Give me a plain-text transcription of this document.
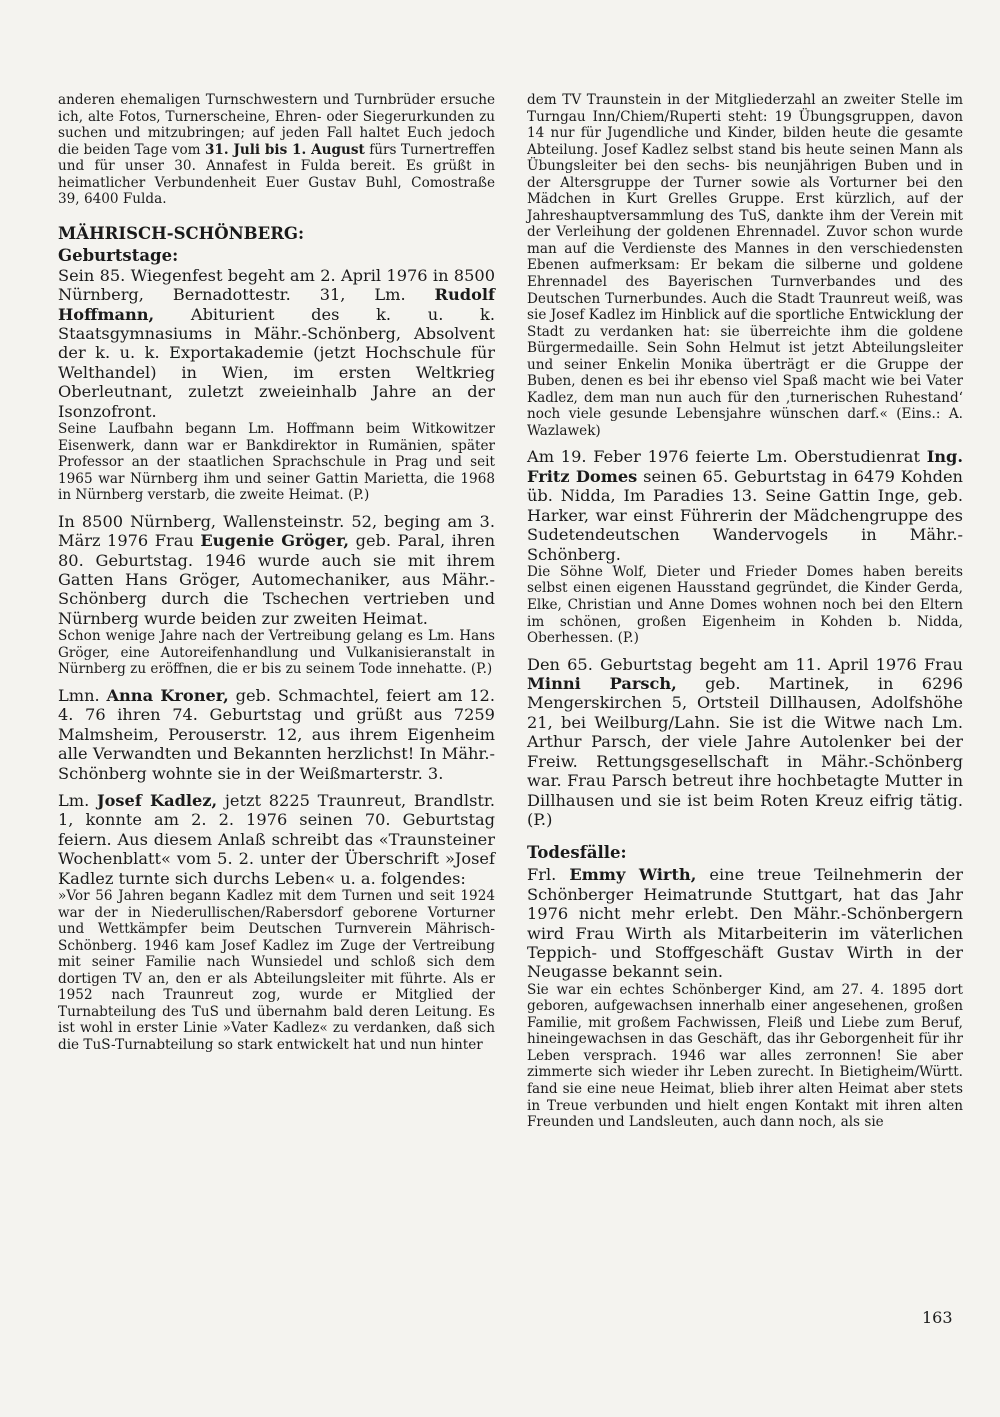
anderen ehemaligen Turnschwestern und Turnbrüder ersuche ich, alte Fotos, Turnerscheine, Ehren- oder Siegerurkunden zu suchen und mitzubringen; auf jeden Fall haltet Euch jedoch die beiden Tage vom 31. Juli bis 1. August fürs Turnertreffen und für unser 30. Annafest in Fulda bereit. Es grüßt in heimatlicher Verbundenheit Euer Gustav Buhl, Comostraße 39, 6400 Fulda.

MÄHRISCH-SCHÖNBERG:
Geburtstage:

Sein 85. Wiegenfest begeht am 2. April 1976 in 8500 Nürnberg, Bernadottestr. 31, Lm. Rudolf Hoffmann, Abiturient des k. u. k. Staatsgymnasiums in Mähr.-Schönberg, Absolvent der k. u. k. Exportakademie (jetzt Hochschule für Welthandel) in Wien, im ersten Weltkrieg Oberleutnant, zuletzt zweieinhalb Jahre an der Isonzofront.

Seine Laufbahn begann Lm. Hoffmann beim Witkowitzer Eisenwerk, dann war er Bankdirektor in Rumänien, später Professor an der staatlichen Sprachschule in Prag und seit 1965 war Nürnberg ihm und seiner Gattin Marietta, die 1968 in Nürnberg verstarb, die zweite Heimat. (P.)

In 8500 Nürnberg, Wallensteinstr. 52, beging am 3. März 1976 Frau Eugenie Gröger, geb. Paral, ihren 80. Geburtstag. 1946 wurde auch sie mit ihrem Gatten Hans Gröger, Automechaniker, aus Mähr.-Schönberg durch die Tschechen vertrieben und Nürnberg wurde beiden zur zweiten Heimat.

Schon wenige Jahre nach der Vertreibung gelang es Lm. Hans Gröger, eine Autoreifenhandlung und Vulkanisieranstalt in Nürnberg zu eröffnen, die er bis zu seinem Tode innehatte. (P.)

Lmn. Anna Kroner, geb. Schmachtel, feiert am 12. 4. 76 ihren 74. Geburtstag und grüßt aus 7259 Malmsheim, Perouserstr. 12, aus ihrem Eigenheim alle Verwandten und Bekannten herzlichst! In Mähr.-Schönberg wohnte sie in der Weißmarterstr. 3.

Lm. Josef Kadlez, jetzt 8225 Traunreut, Brandlstr. 1, konnte am 2. 2. 1976 seinen 70. Geburtstag feiern. Aus diesem Anlaß schreibt das «Traunsteiner Wochenblatt« vom 5. 2. unter der Überschrift »Josef Kadlez turnte sich durchs Leben« u. a. folgendes:

»Vor 56 Jahren begann Kadlez mit dem Turnen und seit 1924 war der in Niederullischen/Rabersdorf geborene Vorturner und Wettkämpfer beim Deutschen Turnverein Mährisch-Schönberg. 1946 kam Josef Kadlez im Zuge der Vertreibung mit seiner Familie nach Wunsiedel und schloß sich dem dortigen TV an, den er als Abteilungsleiter mit führte. Als er 1952 nach Traunreut zog, wurde er Mitglied der Turnabteilung des TuS und übernahm bald deren Leitung. Es ist wohl in erster Linie »Vater Kadlez« zu verdanken, daß sich die TuS-Turnabteilung so stark entwickelt hat und nun hinter

dem TV Traunstein in der Mitgliederzahl an zweiter Stelle im Turngau Inn/Chiem/Ruperti steht: 19 Übungsgruppen, davon 14 nur für Jugendliche und Kinder, bilden heute die gesamte Abteilung. Josef Kadlez selbst stand bis heute seinen Mann als Übungsleiter bei den sechs- bis neunjährigen Buben und in der Altersgruppe der Turner sowie als Vorturner bei den Mädchen in Kurt Grelles Gruppe. Erst kürzlich, auf der Jahreshauptversammlung des TuS, dankte ihm der Verein mit der Verleihung der goldenen Ehrennadel. Zuvor schon wurde man auf die Verdienste des Mannes in den verschiedensten Ebenen aufmerksam: Er bekam die silberne und goldene Ehrennadel des Bayerischen Turnverbandes und des Deutschen Turnerbundes. Auch die Stadt Traunreut weiß, was sie Josef Kadlez im Hinblick auf die sportliche Entwicklung der Stadt zu verdanken hat: sie überreichte ihm die goldene Bürgermedaille. Sein Sohn Helmut ist jetzt Abteilungsleiter und seiner Enkelin Monika überträgt er die Gruppe der Buben, denen es bei ihr ebenso viel Spaß macht wie bei Vater Kadlez, dem man nun auch für den ‚turnerischen Ruhestand‘ noch viele gesunde Lebensjahre wünschen darf.« (Eins.: A. Wazlawek)

Am 19. Feber 1976 feierte Lm. Oberstudienrat Ing. Fritz Domes seinen 65. Geburtstag in 6479 Kohden üb. Nidda, Im Paradies 13. Seine Gattin Inge, geb. Harker, war einst Führerin der Mädchengruppe des Sudetendeutschen Wandervogels in Mähr.-Schönberg.

Die Söhne Wolf, Dieter und Frieder Domes haben bereits selbst einen eigenen Hausstand gegründet, die Kinder Gerda, Elke, Christian und Anne Domes wohnen noch bei den Eltern im schönen, großen Eigenheim in Kohden b. Nidda, Oberhessen. (P.)

Den 65. Geburtstag begeht am 11. April 1976 Frau Minni Parsch, geb. Martinek, in 6296 Mengerskirchen 5, Ortsteil Dillhausen, Adolfshöhe 21, bei Weilburg/Lahn. Sie ist die Witwe nach Lm. Arthur Parsch, der viele Jahre Autolenker bei der Freiw. Rettungsgesellschaft in Mähr.-Schönberg war. Frau Parsch betreut ihre hochbetagte Mutter in Dillhausen und sie ist beim Roten Kreuz eifrig tätig. (P.)

Todesfälle:

Frl. Emmy Wirth, eine treue Teilnehmerin der Schönberger Heimatrunde Stuttgart, hat das Jahr 1976 nicht mehr erlebt. Den Mähr.-Schönbergern wird Frau Wirth als Mitarbeiterin im väterlichen Teppich- und Stoffgeschäft Gustav Wirth in der Neugasse bekannt sein.

Sie war ein echtes Schönberger Kind, am 27. 4. 1895 dort geboren, aufgewachsen innerhalb einer angesehenen, großen Familie, mit großem Fachwissen, Fleiß und Liebe zum Beruf, hineingewachsen in das Geschäft, das ihr Geborgenheit für ihr Leben versprach. 1946 war alles zerronnen! Sie aber zimmerte sich wieder ihr Leben zurecht. In Bietigheim/Württ. fand sie eine neue Heimat, blieb ihrer alten Heimat aber stets in Treue verbunden und hielt engen Kontakt mit ihren alten Freunden und Landsleuten, auch dann noch, als sie

163
